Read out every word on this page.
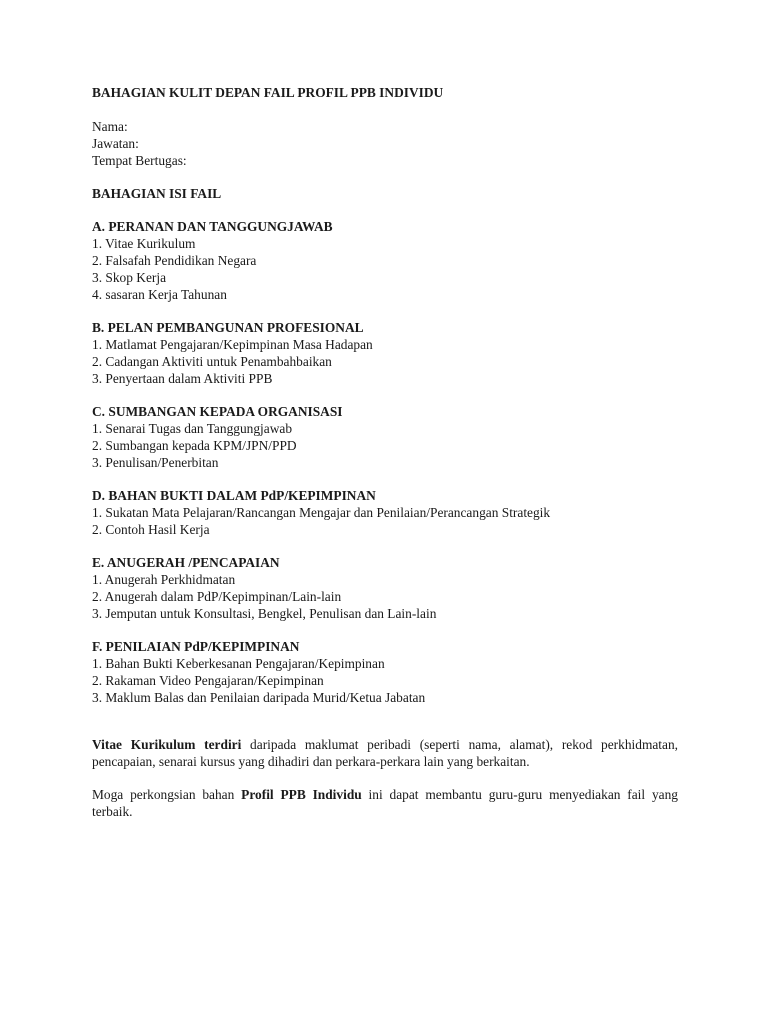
BAHAGIAN KULIT DEPAN FAIL PROFIL PPB INDIVIDU

Nama:
Jawatan:
Tempat Bertugas:
BAHAGIAN ISI FAIL
A. PERANAN DAN TANGGUNGJAWAB
1. Vitae Kurikulum
2. Falsafah Pendidikan Negara
3. Skop Kerja
4. sasaran Kerja Tahunan
B. PELAN PEMBANGUNAN PROFESIONAL
1. Matlamat Pengajaran/Kepimpinan Masa Hadapan
2. Cadangan Aktiviti untuk Penambahbaikan
3. Penyertaan dalam Aktiviti PPB
C. SUMBANGAN KEPADA ORGANISASI
1. Senarai Tugas dan Tanggungjawab
2. Sumbangan kepada KPM/JPN/PPD
3. Penulisan/Penerbitan
D. BAHAN BUKTI DALAM PdP/KEPIMPINAN
1. Sukatan Mata Pelajaran/Rancangan Mengajar dan Penilaian/Perancangan Strategik
2. Contoh Hasil Kerja
E. ANUGERAH /PENCAPAIAN
1. Anugerah Perkhidmatan
2. Anugerah dalam PdP/Kepimpinan/Lain-lain
3. Jemputan untuk Konsultasi, Bengkel, Penulisan dan Lain-lain
F. PENILAIAN PdP/KEPIMPINAN
1. Bahan Bukti Keberkesanan Pengajaran/Kepimpinan
2. Rakaman Video Pengajaran/Kepimpinan
3. Maklum Balas dan Penilaian daripada Murid/Ketua Jabatan

Vitae Kurikulum terdiri daripada maklumat peribadi (seperti nama, alamat), rekod perkhidmatan, pencapaian, senarai kursus yang dihadiri dan perkara-perkara lain yang berkaitan.

Moga perkongsian bahan Profil PPB Individu ini dapat membantu guru-guru menyediakan fail yang terbaik.
